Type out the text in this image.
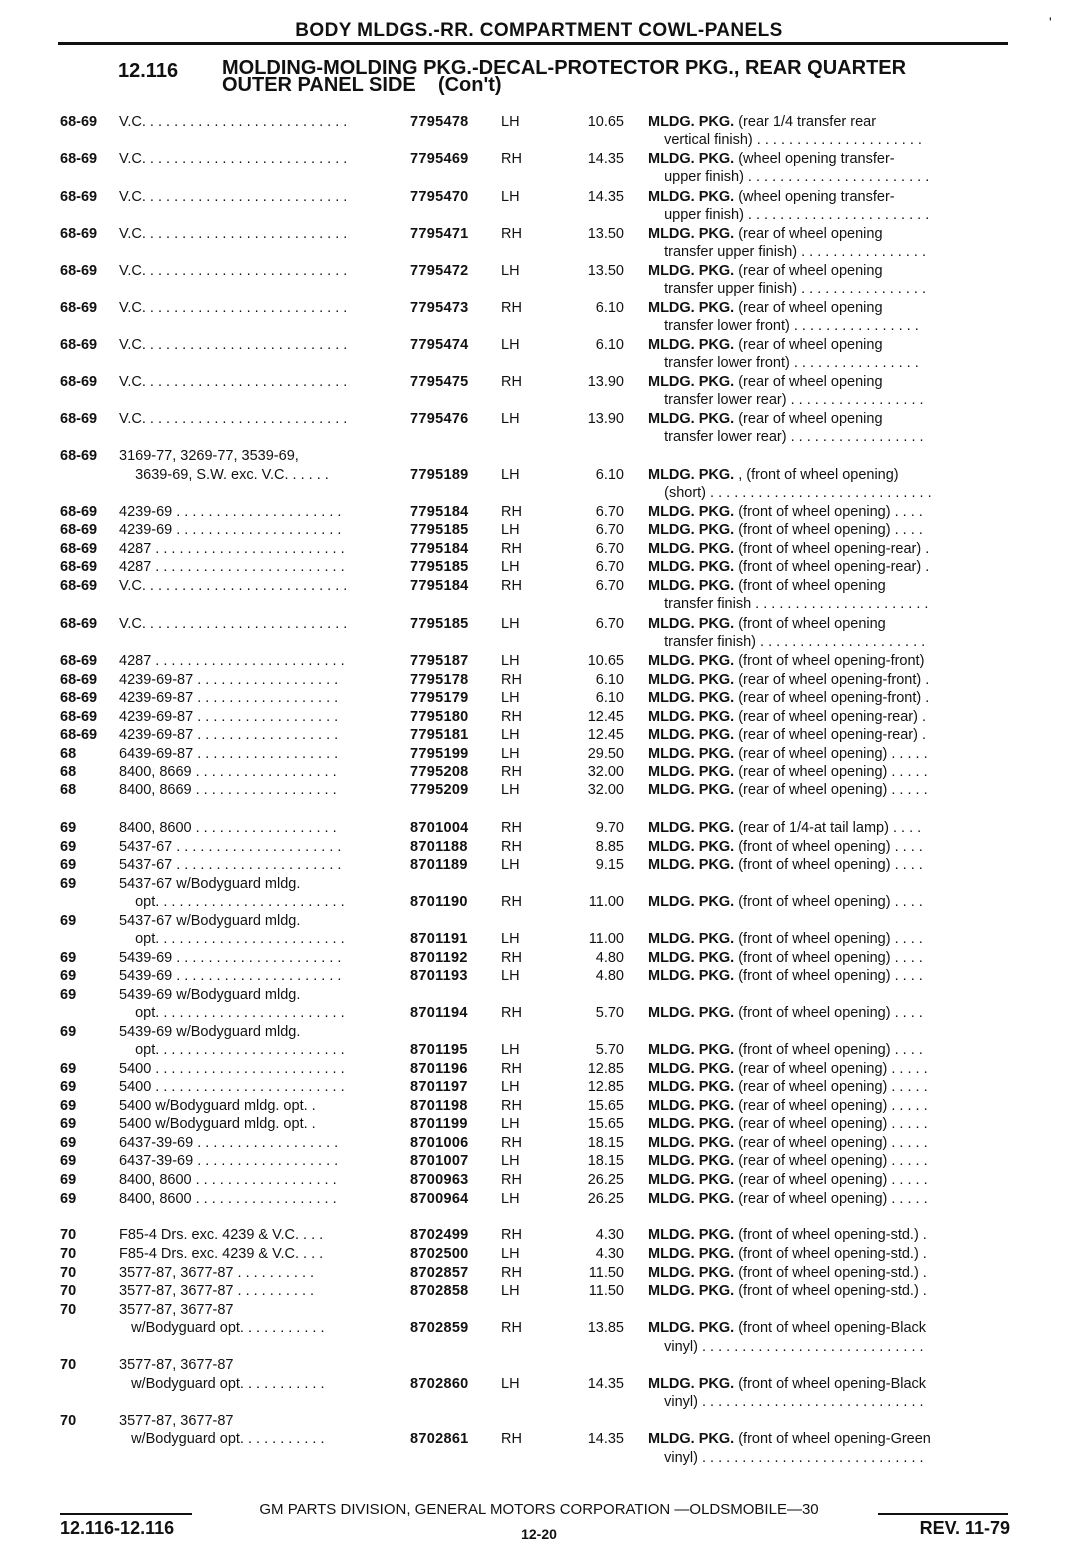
'
BODY MLDGS.-RR. COMPARTMENT COWL-PANELS
12.116 MOLDING-MOLDING PKG.-DECAL-PROTECTOR PKG., REAR QUARTER
OUTER PANEL SIDE    (Con't)
68-69 V.C. . . . . . . . . . . . . . . . . . . . . . . . . .	7795478 LH	10.65 MLDG. PKG. (rear 1/4 transfer rear
vertical finish) . . . . . . . . . . . . . . . . . . . . .
68-69 V.C. . . . . . . . . . . . . . . . . . . . . . . . . .	7795469 RH	14.35 MLDG. PKG. (wheel opening transfer-
upper finish) . . . . . . . . . . . . . . . . . . . . . . .
68-69 V.C. . . . . . . . . . . . . . . . . . . . . . . . . .	7795470 LH	14.35 MLDG. PKG. (wheel opening transfer-
upper finish) . . . . . . . . . . . . . . . . . . . . . . .
68-69 V.C. . . . . . . . . . . . . . . . . . . . . . . . . .	7795471 RH	13.50 MLDG. PKG. (rear of wheel opening
transfer upper finish) . . . . . . . . . . . . . . . .
68-69 V.C. . . . . . . . . . . . . . . . . . . . . . . . . .	7795472 LH	13.50 MLDG. PKG. (rear of wheel opening
transfer upper finish) . . . . . . . . . . . . . . . .
68-69 V.C. . . . . . . . . . . . . . . . . . . . . . . . . .	7795473 RH	6.10 MLDG. PKG. (rear of wheel opening
transfer lower front) . . . . . . . . . . . . . . . .
68-69 V.C. . . . . . . . . . . . . . . . . . . . . . . . . .	7795474 LH	6.10 MLDG. PKG. (rear of wheel opening
transfer lower front) . . . . . . . . . . . . . . . .
68-69 V.C. . . . . . . . . . . . . . . . . . . . . . . . . .	7795475 RH	13.90 MLDG. PKG. (rear of wheel opening
transfer lower rear) . . . . . . . . . . . . . . . . .
68-69 V.C. . . . . . . . . . . . . . . . . . . . . . . . . .	7795476 LH	13.90 MLDG. PKG. (rear of wheel opening
transfer lower rear) . . . . . . . . . . . . . . . . .
68-69 3169-77, 3269-77, 3539-69,
3639-69, S.W. exc. V.C. . . . . .	7795189 LH	6.10 MLDG. PKG. , (front of wheel opening)
(short) . . . . . . . . . . . . . . . . . . . . . . . . . . . .
68-69 4239-69 . . . . . . . . . . . . . . . . . . . . .	7795184 RH	6.70 MLDG. PKG. (front of wheel opening) . . . .
68-69 4239-69 . . . . . . . . . . . . . . . . . . . . .	7795185 LH	6.70 MLDG. PKG. (front of wheel opening) . . . .
68-69 4287 . . . . . . . . . . . . . . . . . . . . . . . .	7795184 RH	6.70 MLDG. PKG. (front of wheel opening-rear) .
68-69 4287 . . . . . . . . . . . . . . . . . . . . . . . .	7795185 LH	6.70 MLDG. PKG. (front of wheel opening-rear) .
68-69 V.C. . . . . . . . . . . . . . . . . . . . . . . . . .	7795184 RH	6.70 MLDG. PKG. (front of wheel opening
transfer finish . . . . . . . . . . . . . . . . . . . . . .
68-69 V.C. . . . . . . . . . . . . . . . . . . . . . . . . .	7795185 LH	6.70 MLDG. PKG. (front of wheel opening
transfer finish) . . . . . . . . . . . . . . . . . . . . .
68-69 4287 . . . . . . . . . . . . . . . . . . . . . . . .	7795187 LH	10.65 MLDG. PKG. (front of wheel opening-front)
68-69 4239-69-87 . . . . . . . . . . . . . . . . . .	7795178 RH	6.10 MLDG. PKG. (rear of wheel opening-front) .
68-69 4239-69-87 . . . . . . . . . . . . . . . . . .	7795179 LH	6.10 MLDG. PKG. (rear of wheel opening-front) .
68-69 4239-69-87 . . . . . . . . . . . . . . . . . .	7795180 RH	12.45 MLDG. PKG. (rear of wheel opening-rear) .
68-69 4239-69-87 . . . . . . . . . . . . . . . . . .	7795181 LH	12.45 MLDG. PKG. (rear of wheel opening-rear) .
68	6439-69-87 . . . . . . . . . . . . . . . . . .	7795199 LH	29.50 MLDG. PKG. (rear of wheel opening) . . . . .
68	8400, 8669 . . . . . . . . . . . . . . . . . .	7795208 RH	32.00 MLDG. PKG. (rear of wheel opening) . . . . .
68	8400, 8669 . . . . . . . . . . . . . . . . . .	7795209 LH	32.00 MLDG. PKG. (rear of wheel opening) . . . . .
69	8400, 8600 . . . . . . . . . . . . . . . . . .	8701004 RH	9.70 MLDG. PKG. (rear of 1/4-at tail lamp) . . . .
69	5437-67 . . . . . . . . . . . . . . . . . . . . .	8701188 RH	8.85 MLDG. PKG. (front of wheel opening) . . . .
69	5437-67 . . . . . . . . . . . . . . . . . . . . .	8701189 LH	9.15 MLDG. PKG. (front of wheel opening) . . . .
69	5437-67 w/Bodyguard mldg.
opt. . . . . . . . . . . . . . . . . . . . . . . .	8701190 RH	11.00 MLDG. PKG. (front of wheel opening) . . . .
69	5437-67 w/Bodyguard mldg.
opt. . . . . . . . . . . . . . . . . . . . . . . .	8701191 LH	11.00 MLDG. PKG. (front of wheel opening) . . . .
69	5439-69 . . . . . . . . . . . . . . . . . . . . .	8701192 RH	4.80 MLDG. PKG. (front of wheel opening) . . . .
69	5439-69 . . . . . . . . . . . . . . . . . . . . .	8701193 LH	4.80 MLDG. PKG. (front of wheel opening) . . . .
69	5439-69 w/Bodyguard mldg.
opt. . . . . . . . . . . . . . . . . . . . . . . .	8701194 RH	5.70 MLDG. PKG. (front of wheel opening) . . . .
69	5439-69 w/Bodyguard mldg.
opt. . . . . . . . . . . . . . . . . . . . . . . .	8701195 LH	5.70 MLDG. PKG. (front of wheel opening) . . . .
69	5400 . . . . . . . . . . . . . . . . . . . . . . . .	8701196 RH	12.85 MLDG. PKG. (rear of wheel opening) . . . . .
69	5400 . . . . . . . . . . . . . . . . . . . . . . . .	8701197 LH	12.85 MLDG. PKG. (rear of wheel opening) . . . . .
69	5400 w/Bodyguard mldg. opt. .	8701198 RH	15.65 MLDG. PKG. (rear of wheel opening) . . . . .
69	5400 w/Bodyguard mldg. opt. .	8701199 LH	15.65 MLDG. PKG. (rear of wheel opening) . . . . .
69	6437-39-69 . . . . . . . . . . . . . . . . . .	8701006 RH	18.15 MLDG. PKG. (rear of wheel opening) . . . . .
69	6437-39-69 . . . . . . . . . . . . . . . . . .	8701007 LH	18.15 MLDG. PKG. (rear of wheel opening) . . . . .
69	8400, 8600 . . . . . . . . . . . . . . . . . .	8700963 RH	26.25 MLDG. PKG. (rear of wheel opening) . . . . .
69	8400, 8600 . . . . . . . . . . . . . . . . . .	8700964 LH	26.25 MLDG. PKG. (rear of wheel opening) . . . . .
70	F85-4 Drs. exc. 4239 & V.C. . . .	8702499 RH	4.30 MLDG. PKG. (front of wheel opening-std.) .
70	F85-4 Drs. exc. 4239 & V.C. . . .	8702500 LH	4.30 MLDG. PKG. (front of wheel opening-std.) .
70	3577-87, 3677-87 . . . . . . . . . .	8702857 RH	11.50 MLDG. PKG. (front of wheel opening-std.) .
70	3577-87, 3677-87 . . . . . . . . . .	8702858 LH	11.50 MLDG. PKG. (front of wheel opening-std.) .
70	3577-87, 3677-87
w/Bodyguard opt. . . . . . . . . . .	8702859 RH	13.85 MLDG. PKG. (front of wheel opening-Black
vinyl) . . . . . . . . . . . . . . . . . . . . . . . . . . . .
70	3577-87, 3677-87
w/Bodyguard opt. . . . . . . . . . .	8702860 LH	14.35 MLDG. PKG. (front of wheel opening-Black
vinyl) . . . . . . . . . . . . . . . . . . . . . . . . . . . .
70	3577-87, 3677-87
w/Bodyguard opt. . . . . . . . . . .	8702861 RH	14.35 MLDG. PKG. (front of wheel opening-Green
vinyl) . . . . . . . . . . . . . . . . . . . . . . . . . . . .
GM PARTS DIVISION, GENERAL MOTORS CORPORATION —OLDSMOBILE—30
12.116-12.116	12-20	REV. 11-79
